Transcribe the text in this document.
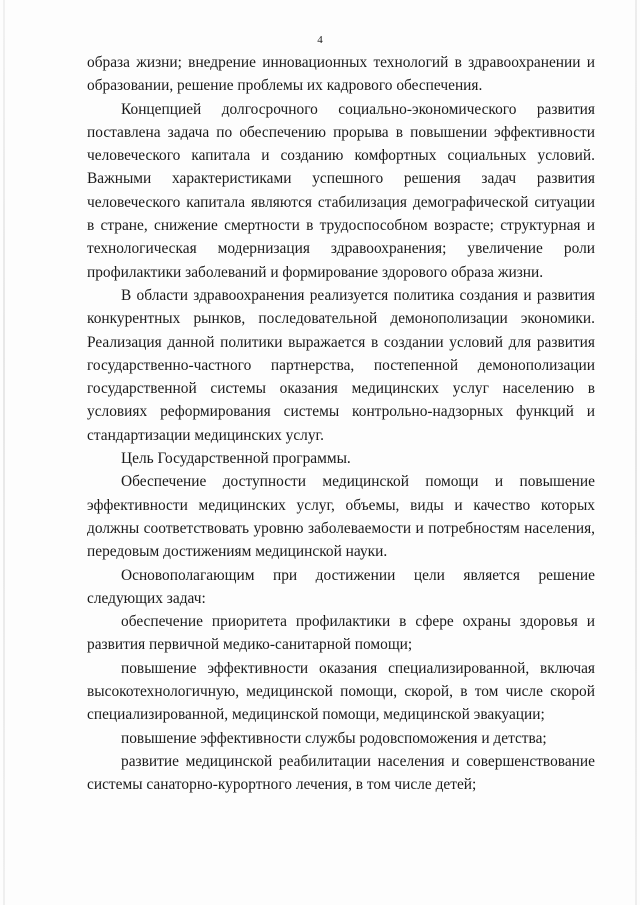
4

образа жизни; внедрение инновационных технологий в здравоохранении и образовании, решение проблемы их кадрового обеспечения.

Концепцией долгосрочного социально-экономического развития поставлена задача по обеспечению прорыва в повышении эффективности человеческого капитала и созданию комфортных социальных условий. Важными характеристиками успешного решения задач развития человеческого капитала являются стабилизация демографической ситуации в стране, снижение смертности в трудоспособном возрасте; структурная и технологическая модернизация здравоохранения; увеличение роли профилактики заболеваний и формирование здорового образа жизни.

В области здравоохранения реализуется политика создания и развития конкурентных рынков, последовательной демонополизации экономики. Реализация данной политики выражается в создании условий для развития государственно-частного партнерства, постепенной демонополизации государственной системы оказания медицинских услуг населению в условиях реформирования системы контрольно-надзорных функций и стандартизации медицинских услуг.

Цель Государственной программы.

Обеспечение доступности медицинской помощи и повышение эффективности медицинских услуг, объемы, виды и качество которых должны соответствовать уровню заболеваемости и потребностям населения, передовым достижениям медицинской науки.

Основополагающим при достижении цели является решение следующих задач:

обеспечение приоритета профилактики в сфере охраны здоровья и развития первичной медико-санитарной помощи;

повышение эффективности оказания специализированной, включая высокотехнологичную, медицинской помощи, скорой, в том числе скорой специализированной, медицинской помощи, медицинской эвакуации;

повышение эффективности службы родовспоможения и детства;

развитие медицинской реабилитации населения и совершенствование системы санаторно-курортного лечения, в том числе детей;
